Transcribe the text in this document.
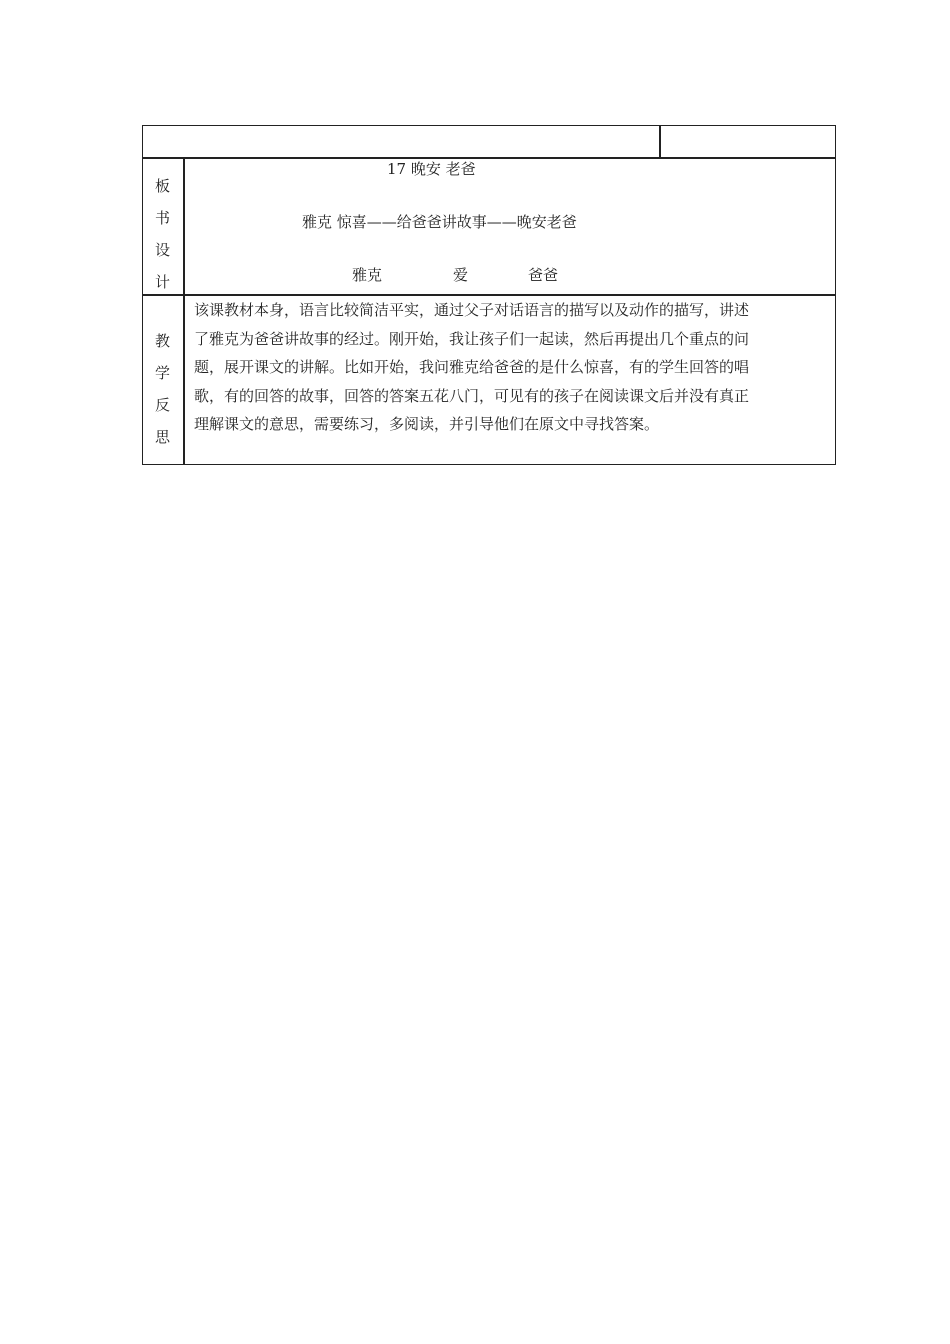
板
书
设
计
17 晚安 老爸
雅克 惊喜——给爸爸讲故事——晚安老爸
雅克	爱	爸爸
教
学
反
思
该课教材本身，语言比较简洁平实，通过父子对话语言的描写以及动作的描写，讲述
了雅克为爸爸讲故事的经过。刚开始，我让孩子们一起读，然后再提出几个重点的问
题，展开课文的讲解。比如开始，我问雅克给爸爸的是什么惊喜，有的学生回答的唱
歌，有的回答的故事，回答的答案五花八门，可见有的孩子在阅读课文后并没有真正
理解课文的意思，需要练习，多阅读，并引导他们在原文中寻找答案。
